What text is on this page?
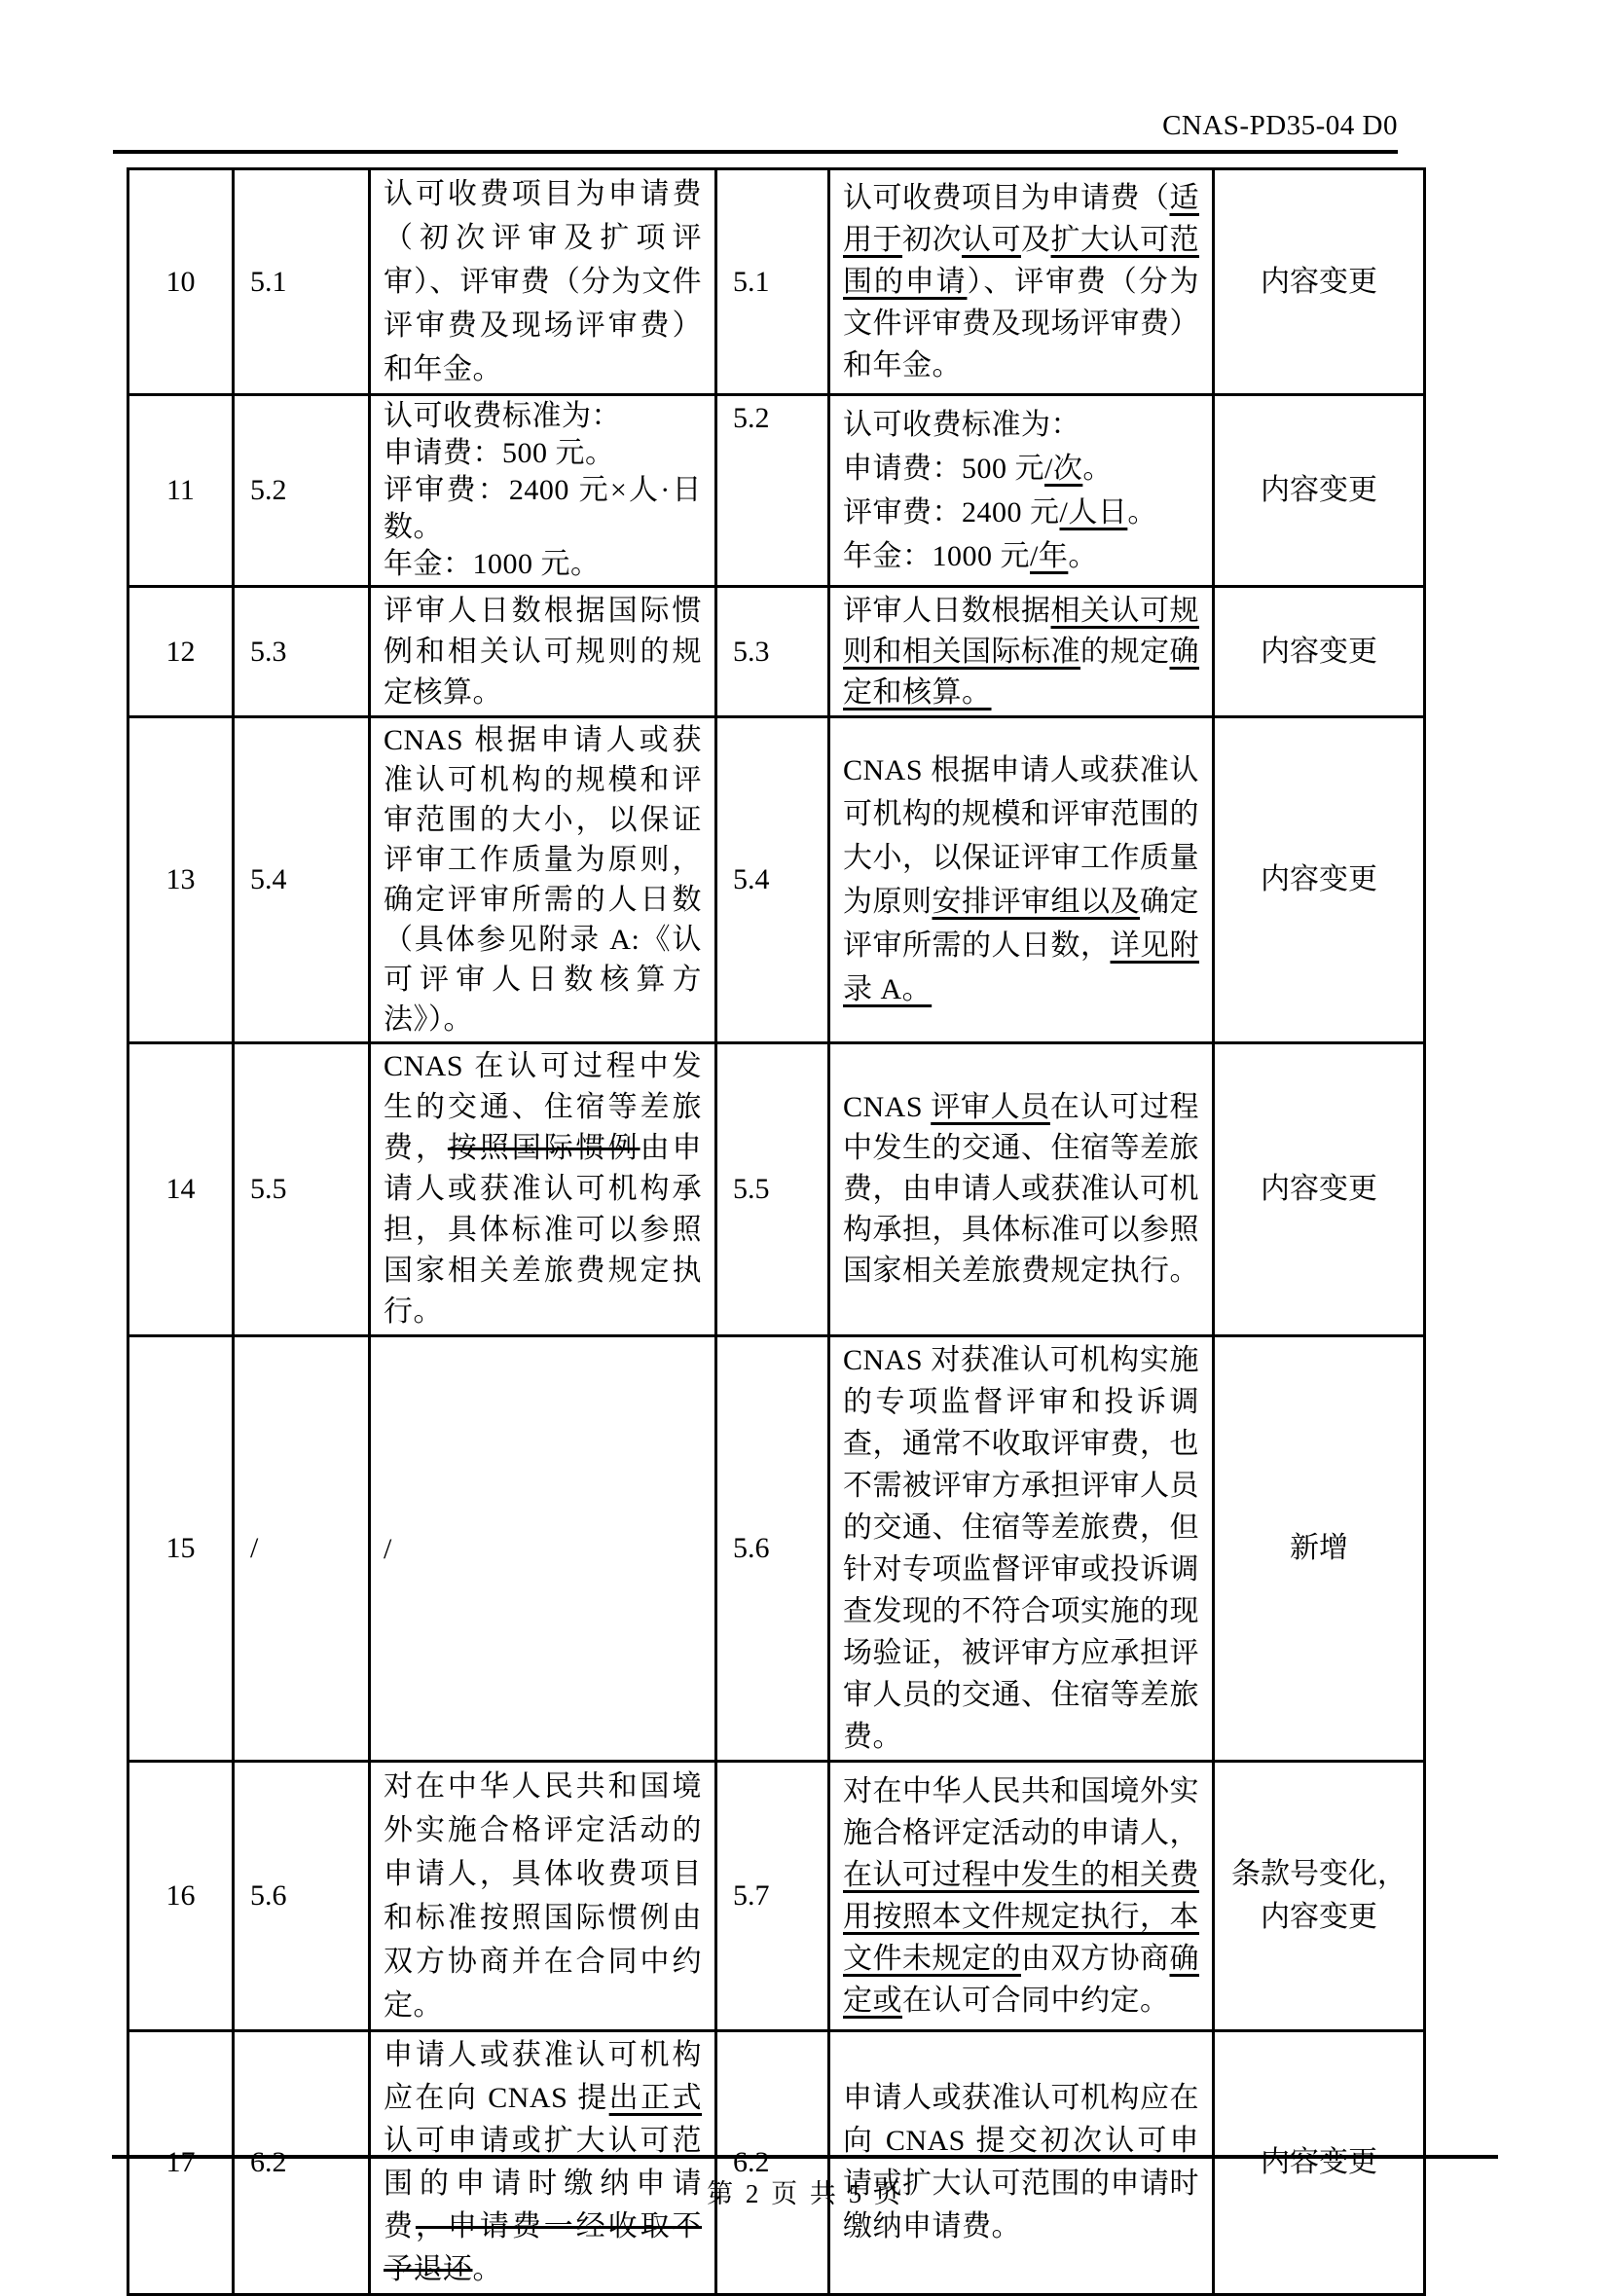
CNAS-PD35-04 D0
10	5.1	认可收费项目为申请费（初次评审及扩项评审）、评审费（分为文件评审费及现场评审费）和年金。	5.1	认可收费项目为申请费（适用于初次认可及扩大认可范围的申请）、评审费（分为文件评审费及现场评审费）和年金。	内容变更

11	5.2	认可收费标准为：
申请费：500 元。
评审费：2400 元×人·日数。
年金：1000 元。	5.2	认可收费标准为：
申请费：500 元/次。
评审费：2400 元/人日。
年金：1000 元/年。	内容变更

12	5.3	评审人日数根据国际惯例和相关认可规则的规定核算。	5.3	评审人日数根据相关认可规则和相关国际标准的规定确定和核算。	内容变更

13	5.4	CNAS 根据申请人或获准认可机构的规模和评审范围的大小，以保证评审工作质量为原则，确定评审所需的人日数（具体参见附录 A:《认可评审人日数核算方法》）。	5.4	CNAS 根据申请人或获准认可机构的规模和评审范围的大小，以保证评审工作质量为原则安排评审组以及确定评审所需的人日数，详见附录 A。	内容变更

14	5.5	CNAS 在认可过程中发生的交通、住宿等差旅费，按照国际惯例由申请人或获准认可机构承担，具体标准可以参照国家相关差旅费规定执行。	5.5	CNAS 评审人员在认可过程中发生的交通、住宿等差旅费，由申请人或获准认可机构承担，具体标准可以参照国家相关差旅费规定执行。	内容变更

15	/	/	5.6	CNAS 对获准认可机构实施的专项监督评审和投诉调查，通常不收取评审费，也不需被评审方承担评审人员的交通、住宿等差旅费，但针对专项监督评审或投诉调查发现的不符合项实施的现场验证，被评审方应承担评审人员的交通、住宿等差旅费。	新增

16	5.6	对在中华人民共和国境外实施合格评定活动的申请人，具体收费项目和标准按照国际惯例由双方协商并在合同中约定。	5.7	对在中华人民共和国境外实施合格评定活动的申请人，在认可过程中发生的相关费用按照本文件规定执行，本文件未规定的由双方协商确定或在认可合同中约定。	条款号变化，
内容变更

17	6.2	申请人或获准认可机构应在向 CNAS 提出正式认可申请或扩大认可范围的申请时缴纳申请费，申请费一经收取不予退还。	6.2	申请人或获准认可机构应在向 CNAS 提交初次认可申请或扩大认可范围的申请时缴纳申请费。	内容变更
第 2 页 共 5 页
